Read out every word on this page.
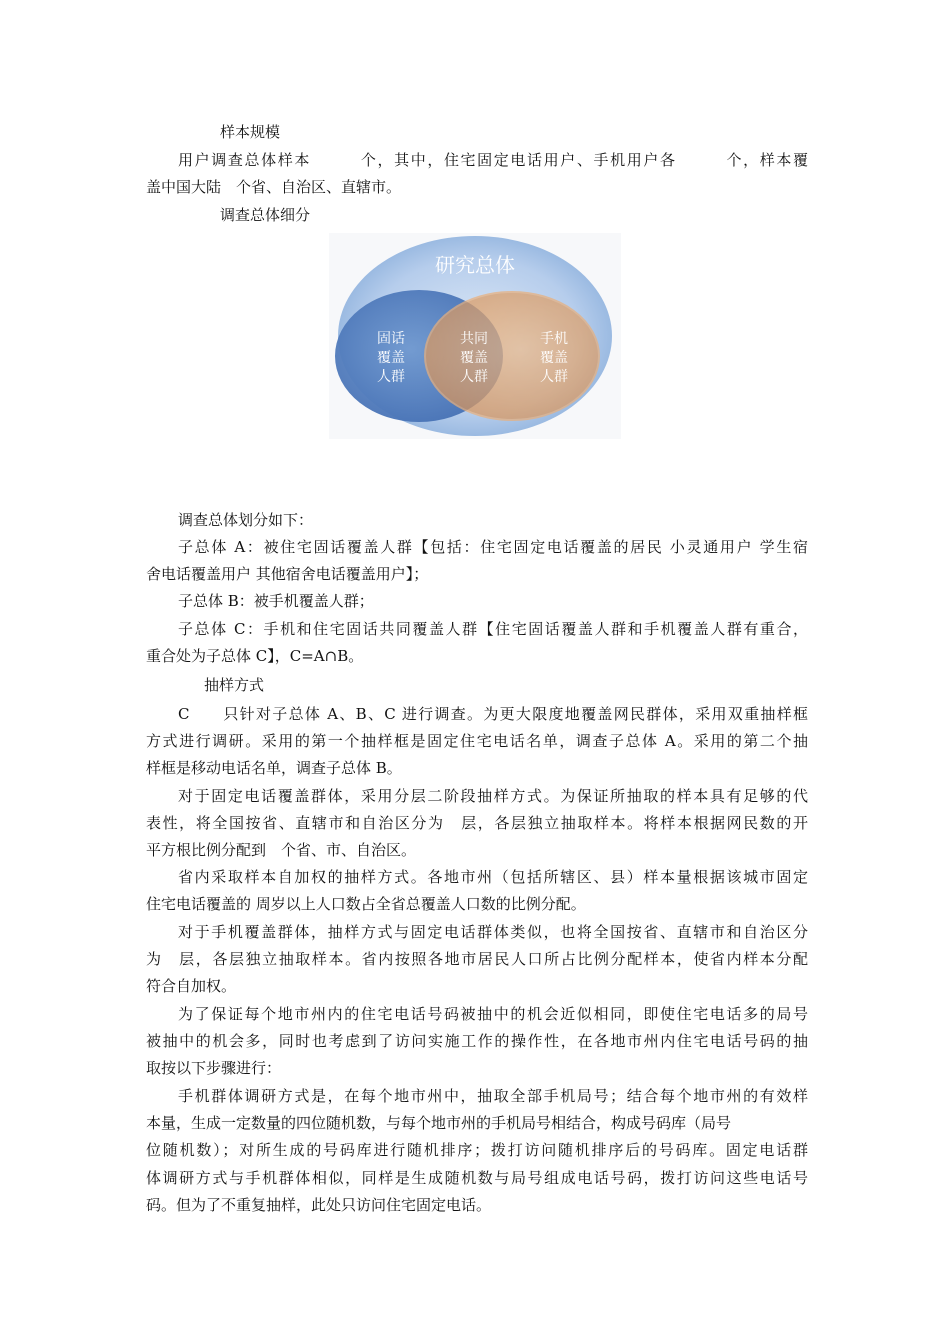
样本规模

用户调查总体样本　　　个，其中，住宅固定电话用户、手机用户各　　　个，样本覆

盖中国大陆　个省、自治区、直辖市。

调查总体细分

研究总体
固话
覆盖
人群
共同
覆盖
人群
手机
覆盖
人群

调查总体划分如下：

子总体 A：被住宅固话覆盖人群【包括：住宅固定电话覆盖的居民 小灵通用户 学生宿

舍电话覆盖用户 其他宿舍电话覆盖用户】；

子总体 B：被手机覆盖人群；

子总体 C：手机和住宅固话共同覆盖人群【住宅固话覆盖人群和手机覆盖人群有重合，

重合处为子总体 C】，C=A∩B。

抽样方式

C　　只针对子总体 A、B、C 进行调查。为更大限度地覆盖网民群体，采用双重抽样框

方式进行调研。采用的第一个抽样框是固定住宅电话名单，调查子总体 A。采用的第二个抽

样框是移动电话名单，调查子总体 B。

对于固定电话覆盖群体，采用分层二阶段抽样方式。为保证所抽取的样本具有足够的代

表性，将全国按省、直辖市和自治区分为　层，各层独立抽取样本。将样本根据网民数的开

平方根比例分配到　个省、市、自治区。

省内采取样本自加权的抽样方式。各地市州（包括所辖区、县）样本量根据该城市固定

住宅电话覆盖的 周岁以上人口数占全省总覆盖人口数的比例分配。

对于手机覆盖群体，抽样方式与固定电话群体类似，也将全国按省、直辖市和自治区分

为　层，各层独立抽取样本。省内按照各地市居民人口所占比例分配样本，使省内样本分配

符合自加权。

为了保证每个地市州内的住宅电话号码被抽中的机会近似相同，即使住宅电话多的局号

被抽中的机会多，同时也考虑到了访问实施工作的操作性，在各地市州内住宅电话号码的抽

取按以下步骤进行：

手机群体调研方式是，在每个地市州中，抽取全部手机局号；结合每个地市州的有效样

本量，生成一定数量的四位随机数，与每个地市州的手机局号相结合，构成号码库（局号

位随机数）；对所生成的号码库进行随机排序；拨打访问随机排序后的号码库。固定电话群

体调研方式与手机群体相似，同样是生成随机数与局号组成电话号码，拨打访问这些电话号

码。但为了不重复抽样，此处只访问住宅固定电话。
